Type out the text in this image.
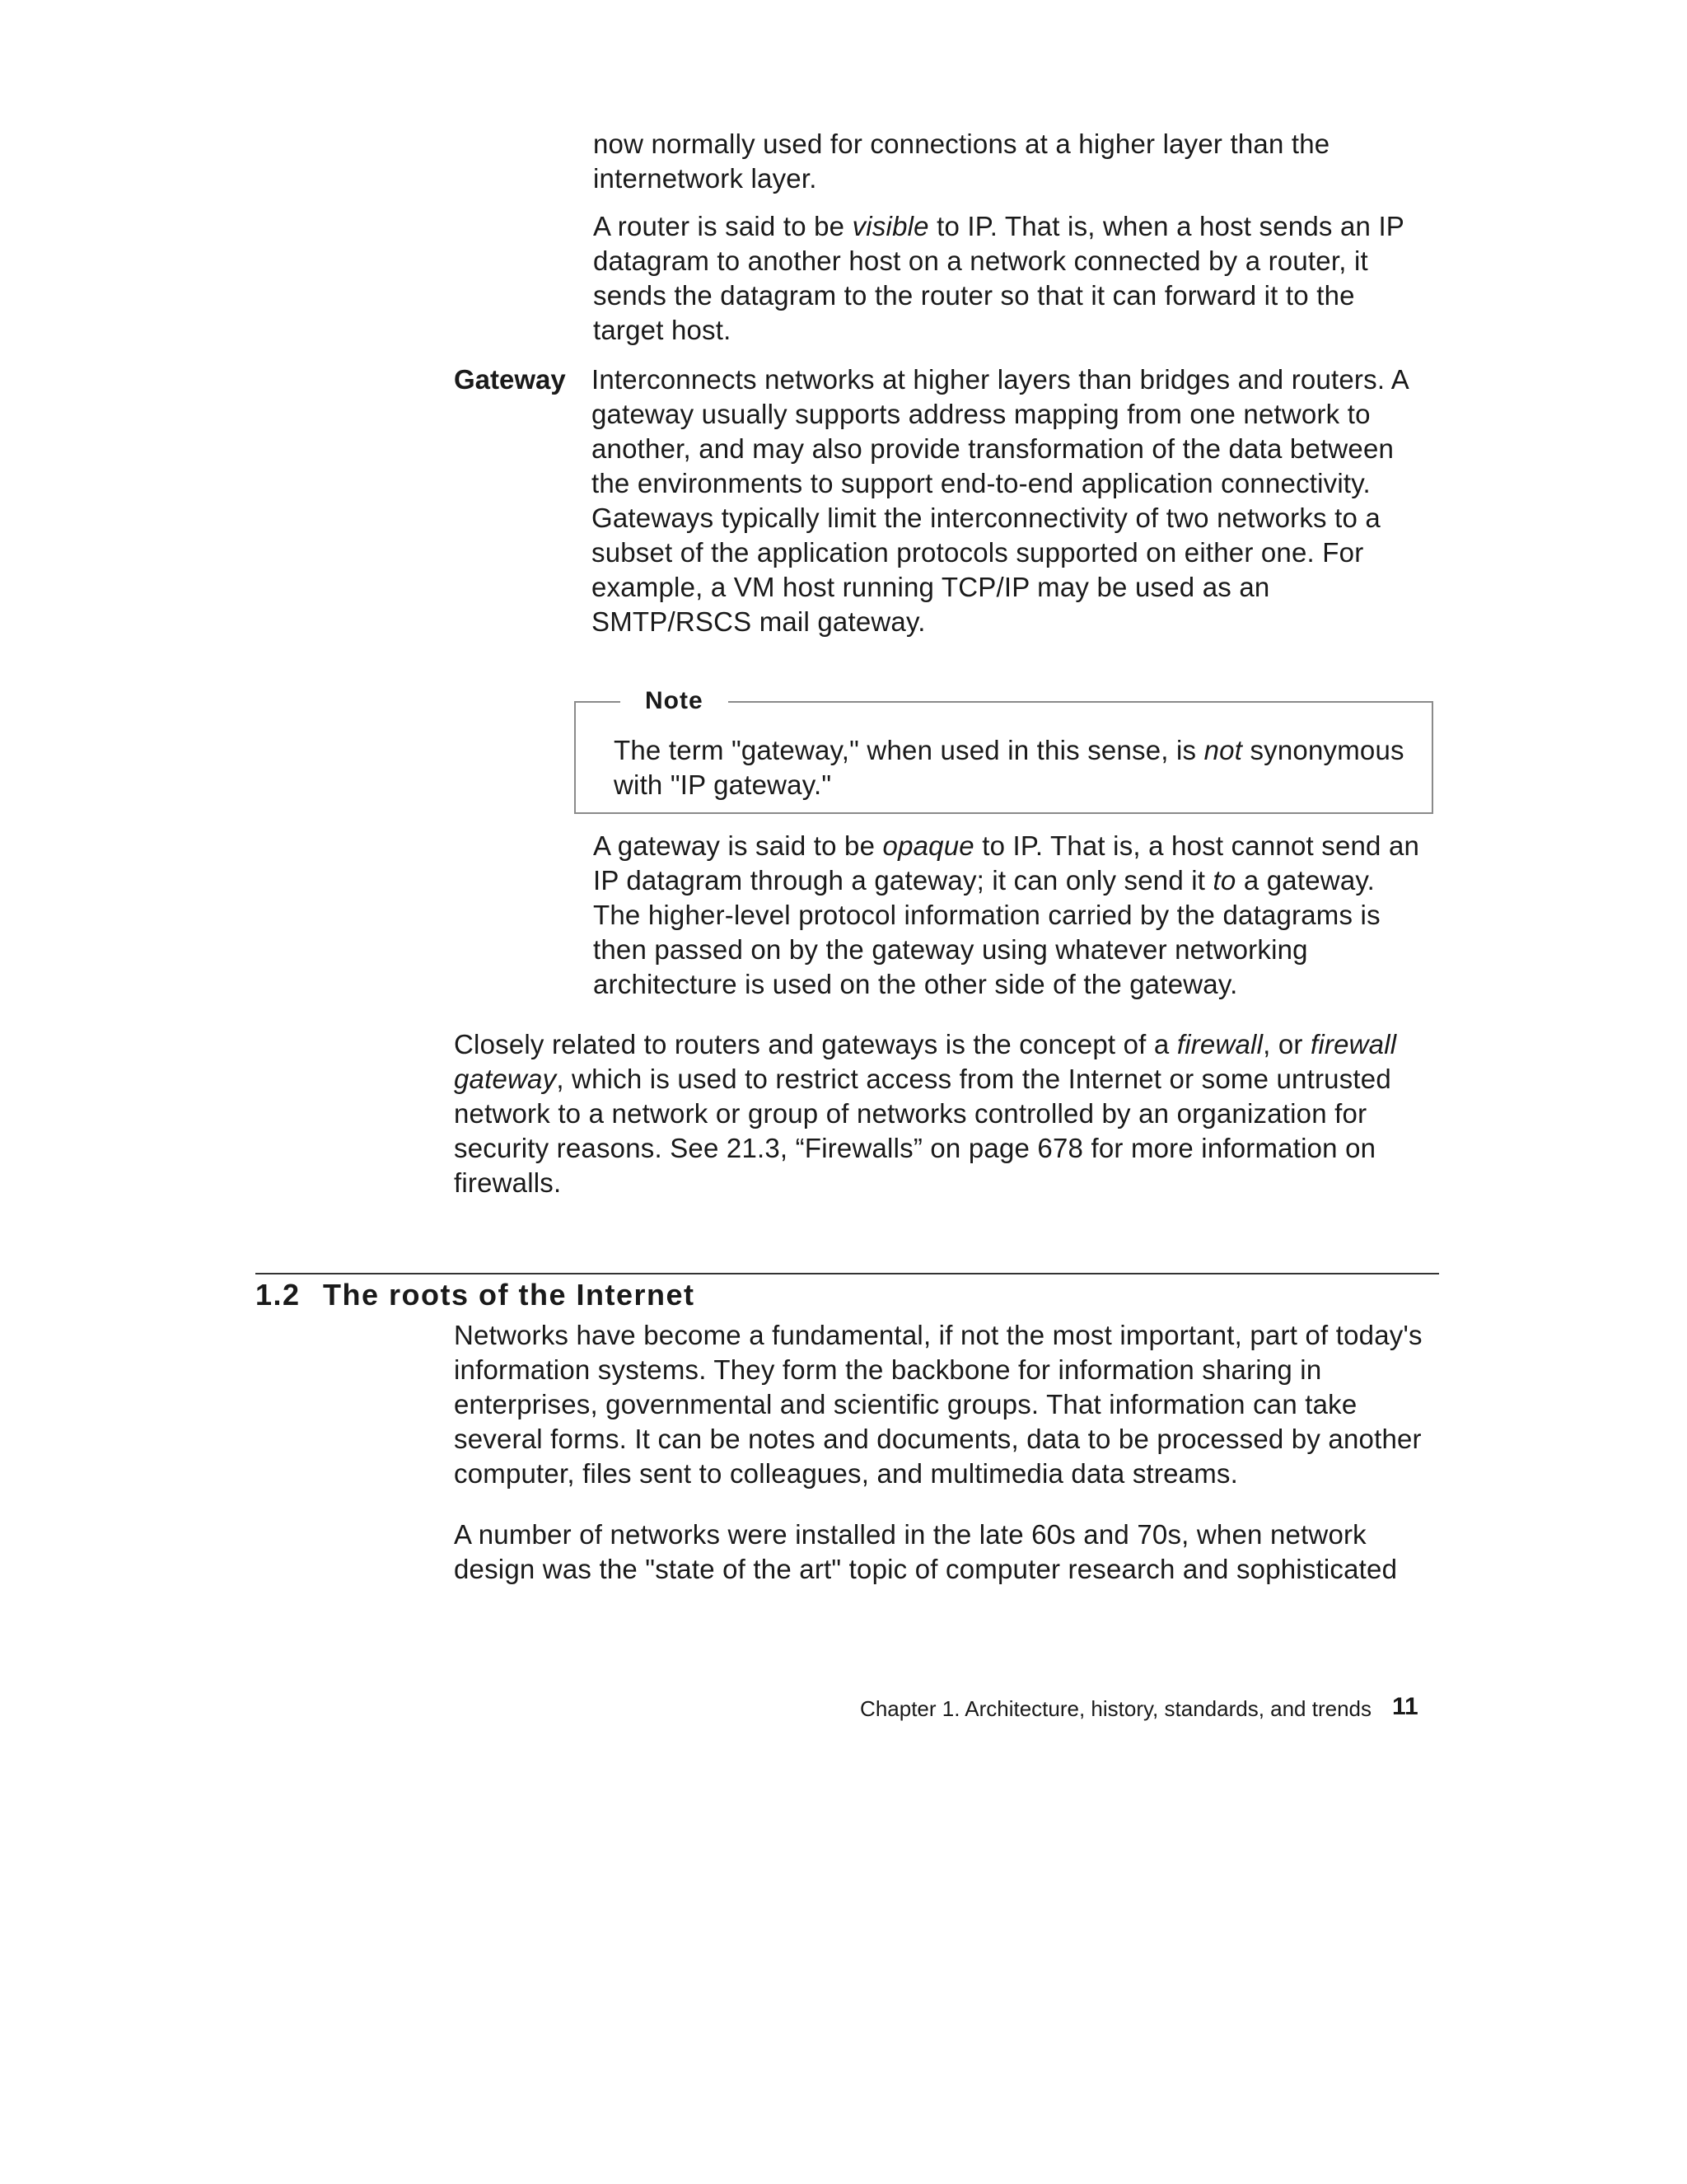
now normally used for connections at a higher layer than the internetwork layer.

A router is said to be visible to IP. That is, when a host sends an IP datagram to another host on a network connected by a router, it sends the datagram to the router so that it can forward it to the target host.

Gateway Interconnects networks at higher layers than bridges and routers. A gateway usually supports address mapping from one network to another, and may also provide transformation of the data between the environments to support end-to-end application connectivity. Gateways typically limit the interconnectivity of two networks to a subset of the application protocols supported on either one. For example, a VM host running TCP/IP may be used as an SMTP/RSCS mail gateway.

Note

The term "gateway," when used in this sense, is not synonymous with "IP gateway."

A gateway is said to be opaque to IP. That is, a host cannot send an IP datagram through a gateway; it can only send it to a gateway. The higher-level protocol information carried by the datagrams is then passed on by the gateway using whatever networking architecture is used on the other side of the gateway.

Closely related to routers and gateways is the concept of a firewall, or firewall gateway, which is used to restrict access from the Internet or some untrusted network to a network or group of networks controlled by an organization for security reasons. See 21.3, “Firewalls” on page 678 for more information on firewalls.

1.2 The roots of the Internet

Networks have become a fundamental, if not the most important, part of today's information systems. They form the backbone for information sharing in enterprises, governmental and scientific groups. That information can take several forms. It can be notes and documents, data to be processed by another computer, files sent to colleagues, and multimedia data streams.

A number of networks were installed in the late 60s and 70s, when network design was the "state of the art" topic of computer research and sophisticated

Chapter 1. Architecture, history, standards, and trends 11
